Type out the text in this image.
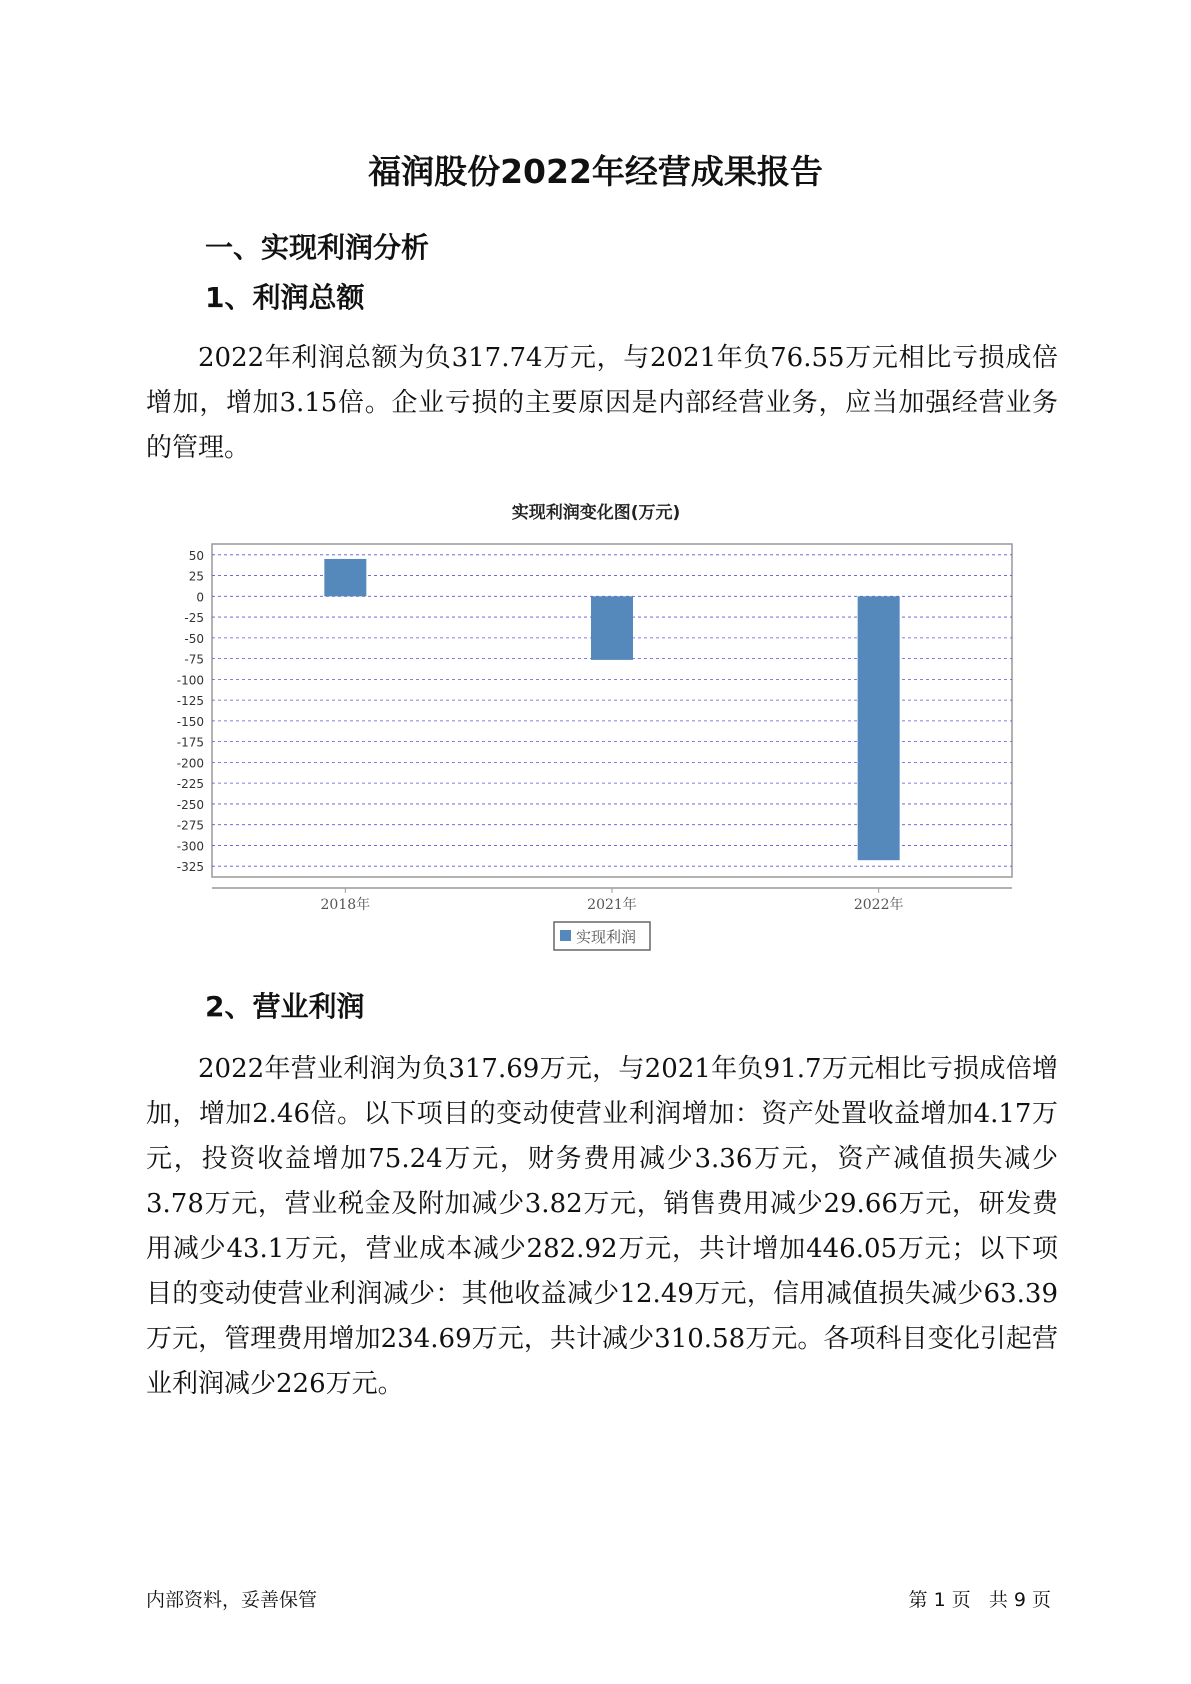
福润股份2022年经营成果报告
一、实现利润分析
1、利润总额

2022年利润总额为负317.74万元，与2021年负76.55万元相比亏损成倍增加，增加3.15倍。企业亏损的主要原因是内部经营业务，应当加强经营业务的管理。

实现利润变化图(万元)
50
25
0
-25
-50
-75
-100
-125
-150
-175
-200
-225
-250
-275
-300
-325
2018年	2021年	2022年
实现利润
2、营业利润

2022年营业利润为负317.69万元，与2021年负91.7万元相比亏损成倍增加，增加2.46倍。以下项目的变动使营业利润增加：资产处置收益增加4.17万元，投资收益增加75.24万元，财务费用减少3.36万元，资产减值损失减少3.78万元，营业税金及附加减少3.82万元，销售费用减少29.66万元，研发费用减少43.1万元，营业成本减少282.92万元，共计增加446.05万元；以下项目的变动使营业利润减少：其他收益减少12.49万元，信用减值损失减少63.39万元，管理费用增加234.69万元，共计减少310.58万元。各项科目变化引起营业利润减少226万元。

内部资料，妥善保管	第 1 页   共 9 页
